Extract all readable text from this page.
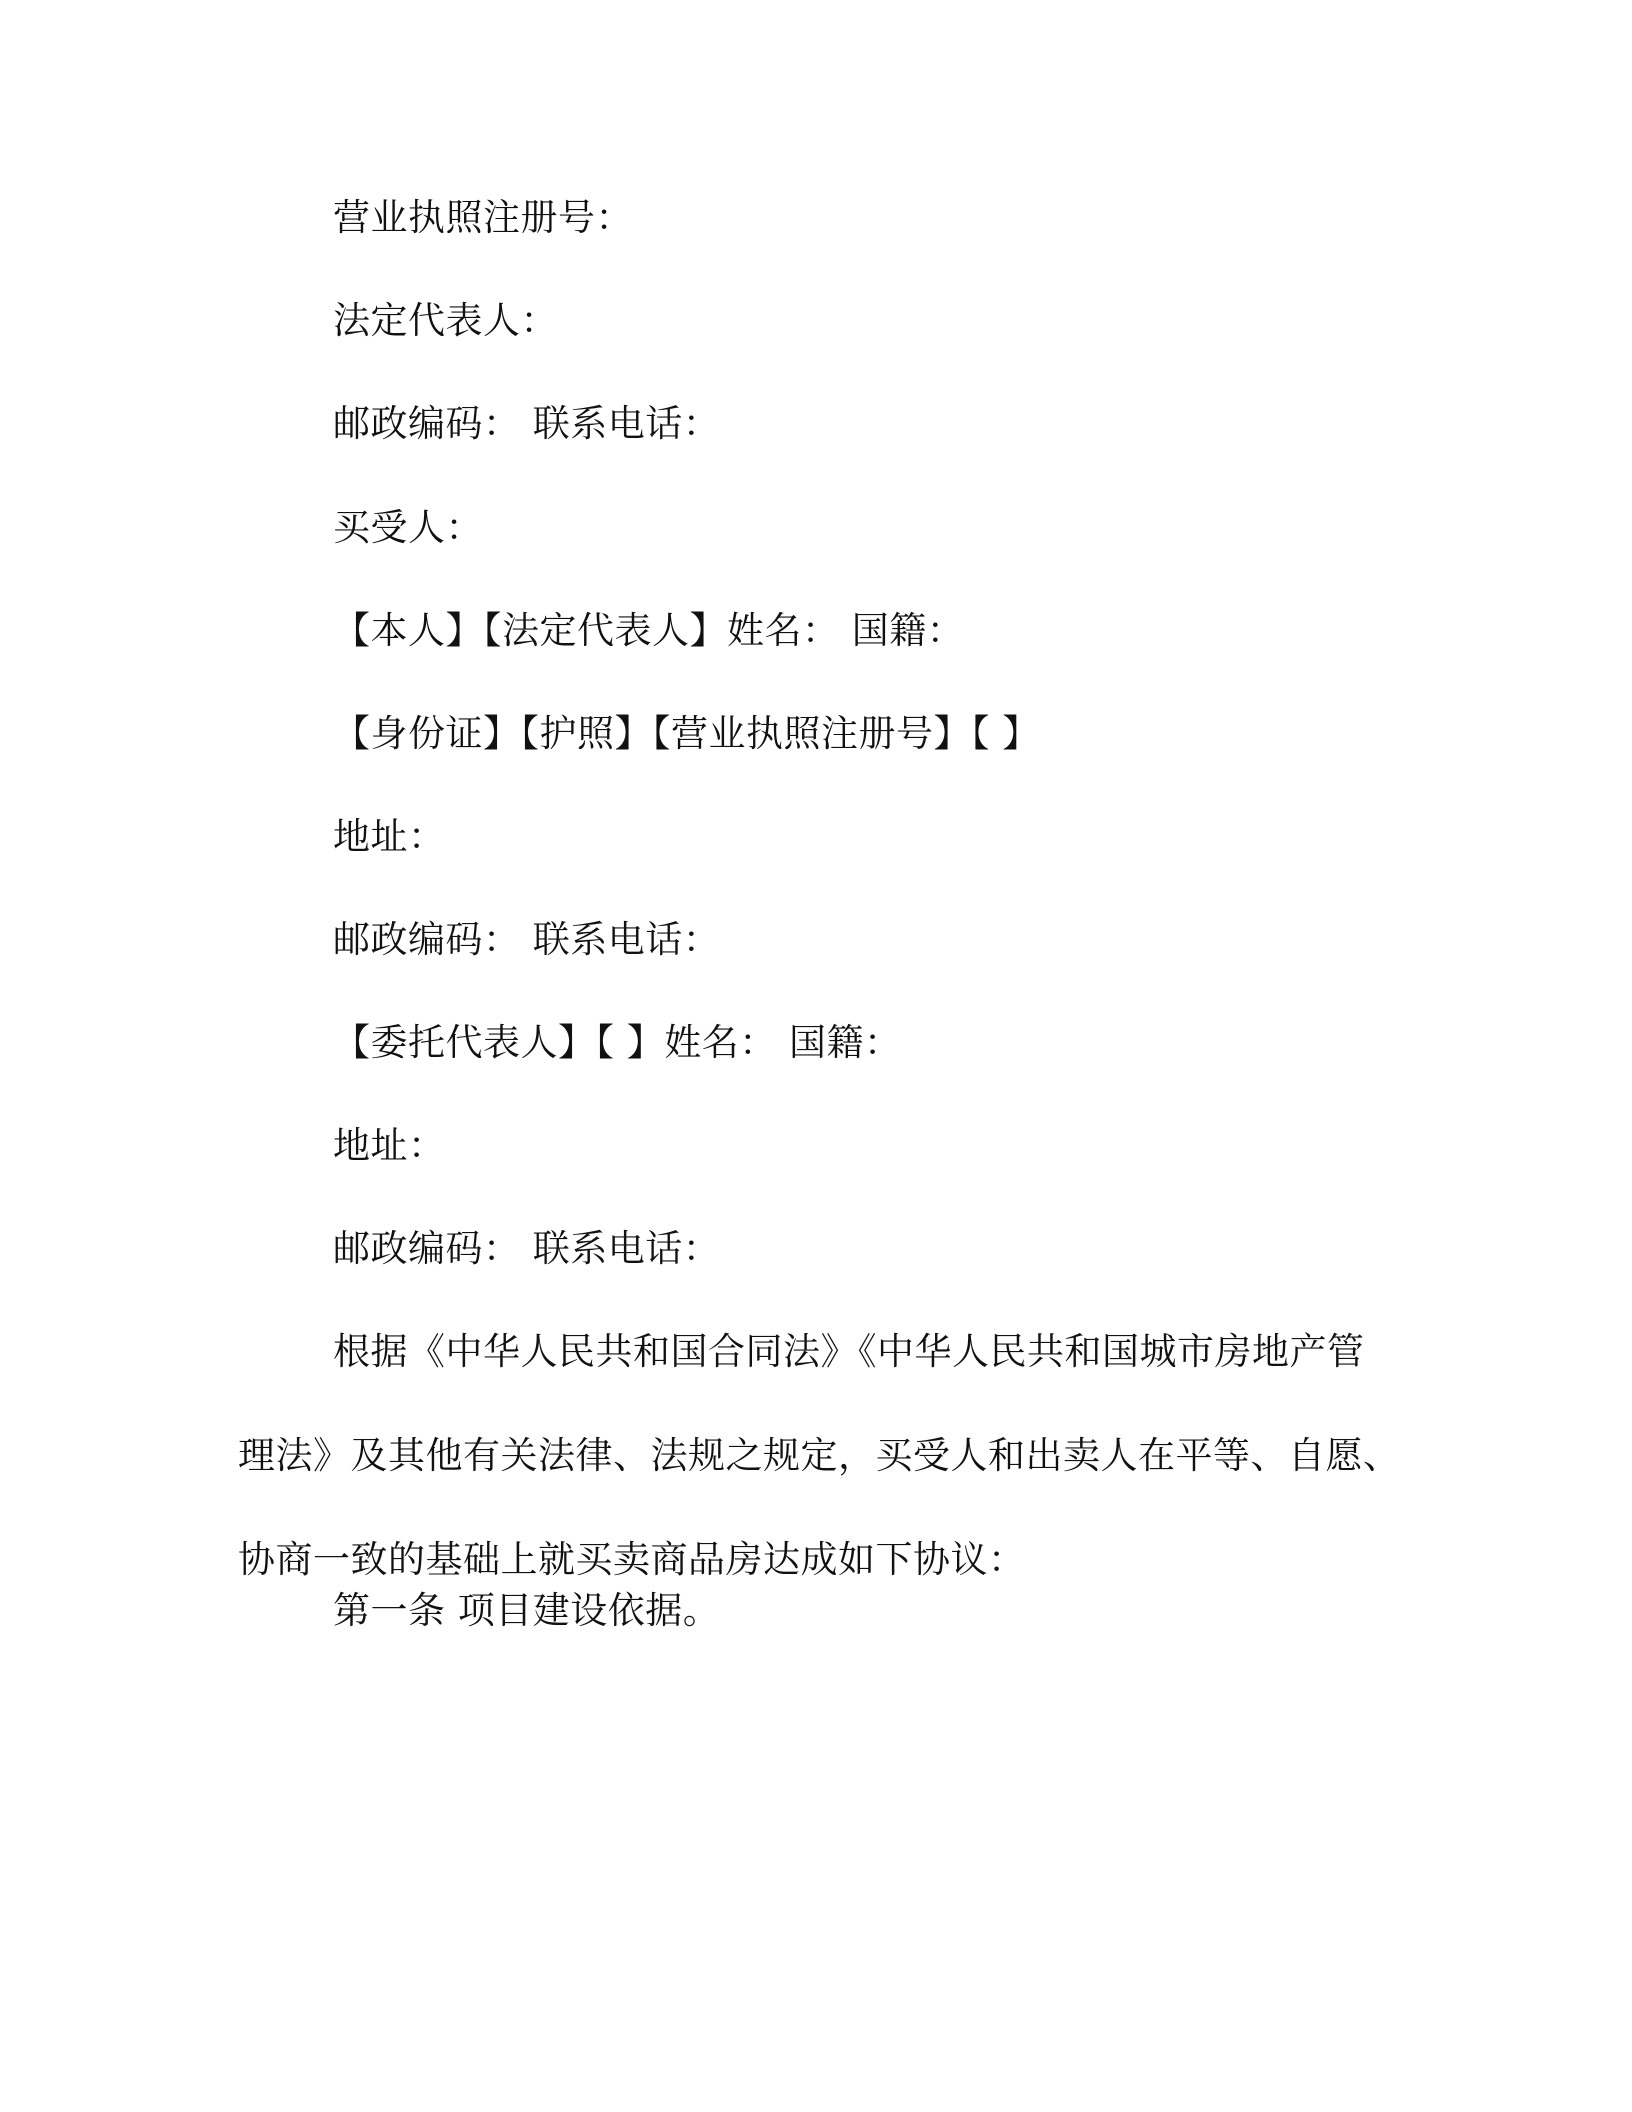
营业执照注册号：
法定代表人：
邮政编码： 联系电话：
买受人：
【本人】【法定代表人】姓名： 国籍：
【身份证】【护照】【营业执照注册号】【 】
地址：
邮政编码： 联系电话：
【委托代表人】【 】姓名： 国籍：
地址：
邮政编码： 联系电话：
根据《中华人民共和国合同法》《中华人民共和国城市房地产管
理法》及其他有关法律、法规之规定，买受人和出卖人在平等、自愿、
协商一致的基础上就买卖商品房达成如下协议：
第一条 项目建设依据。
